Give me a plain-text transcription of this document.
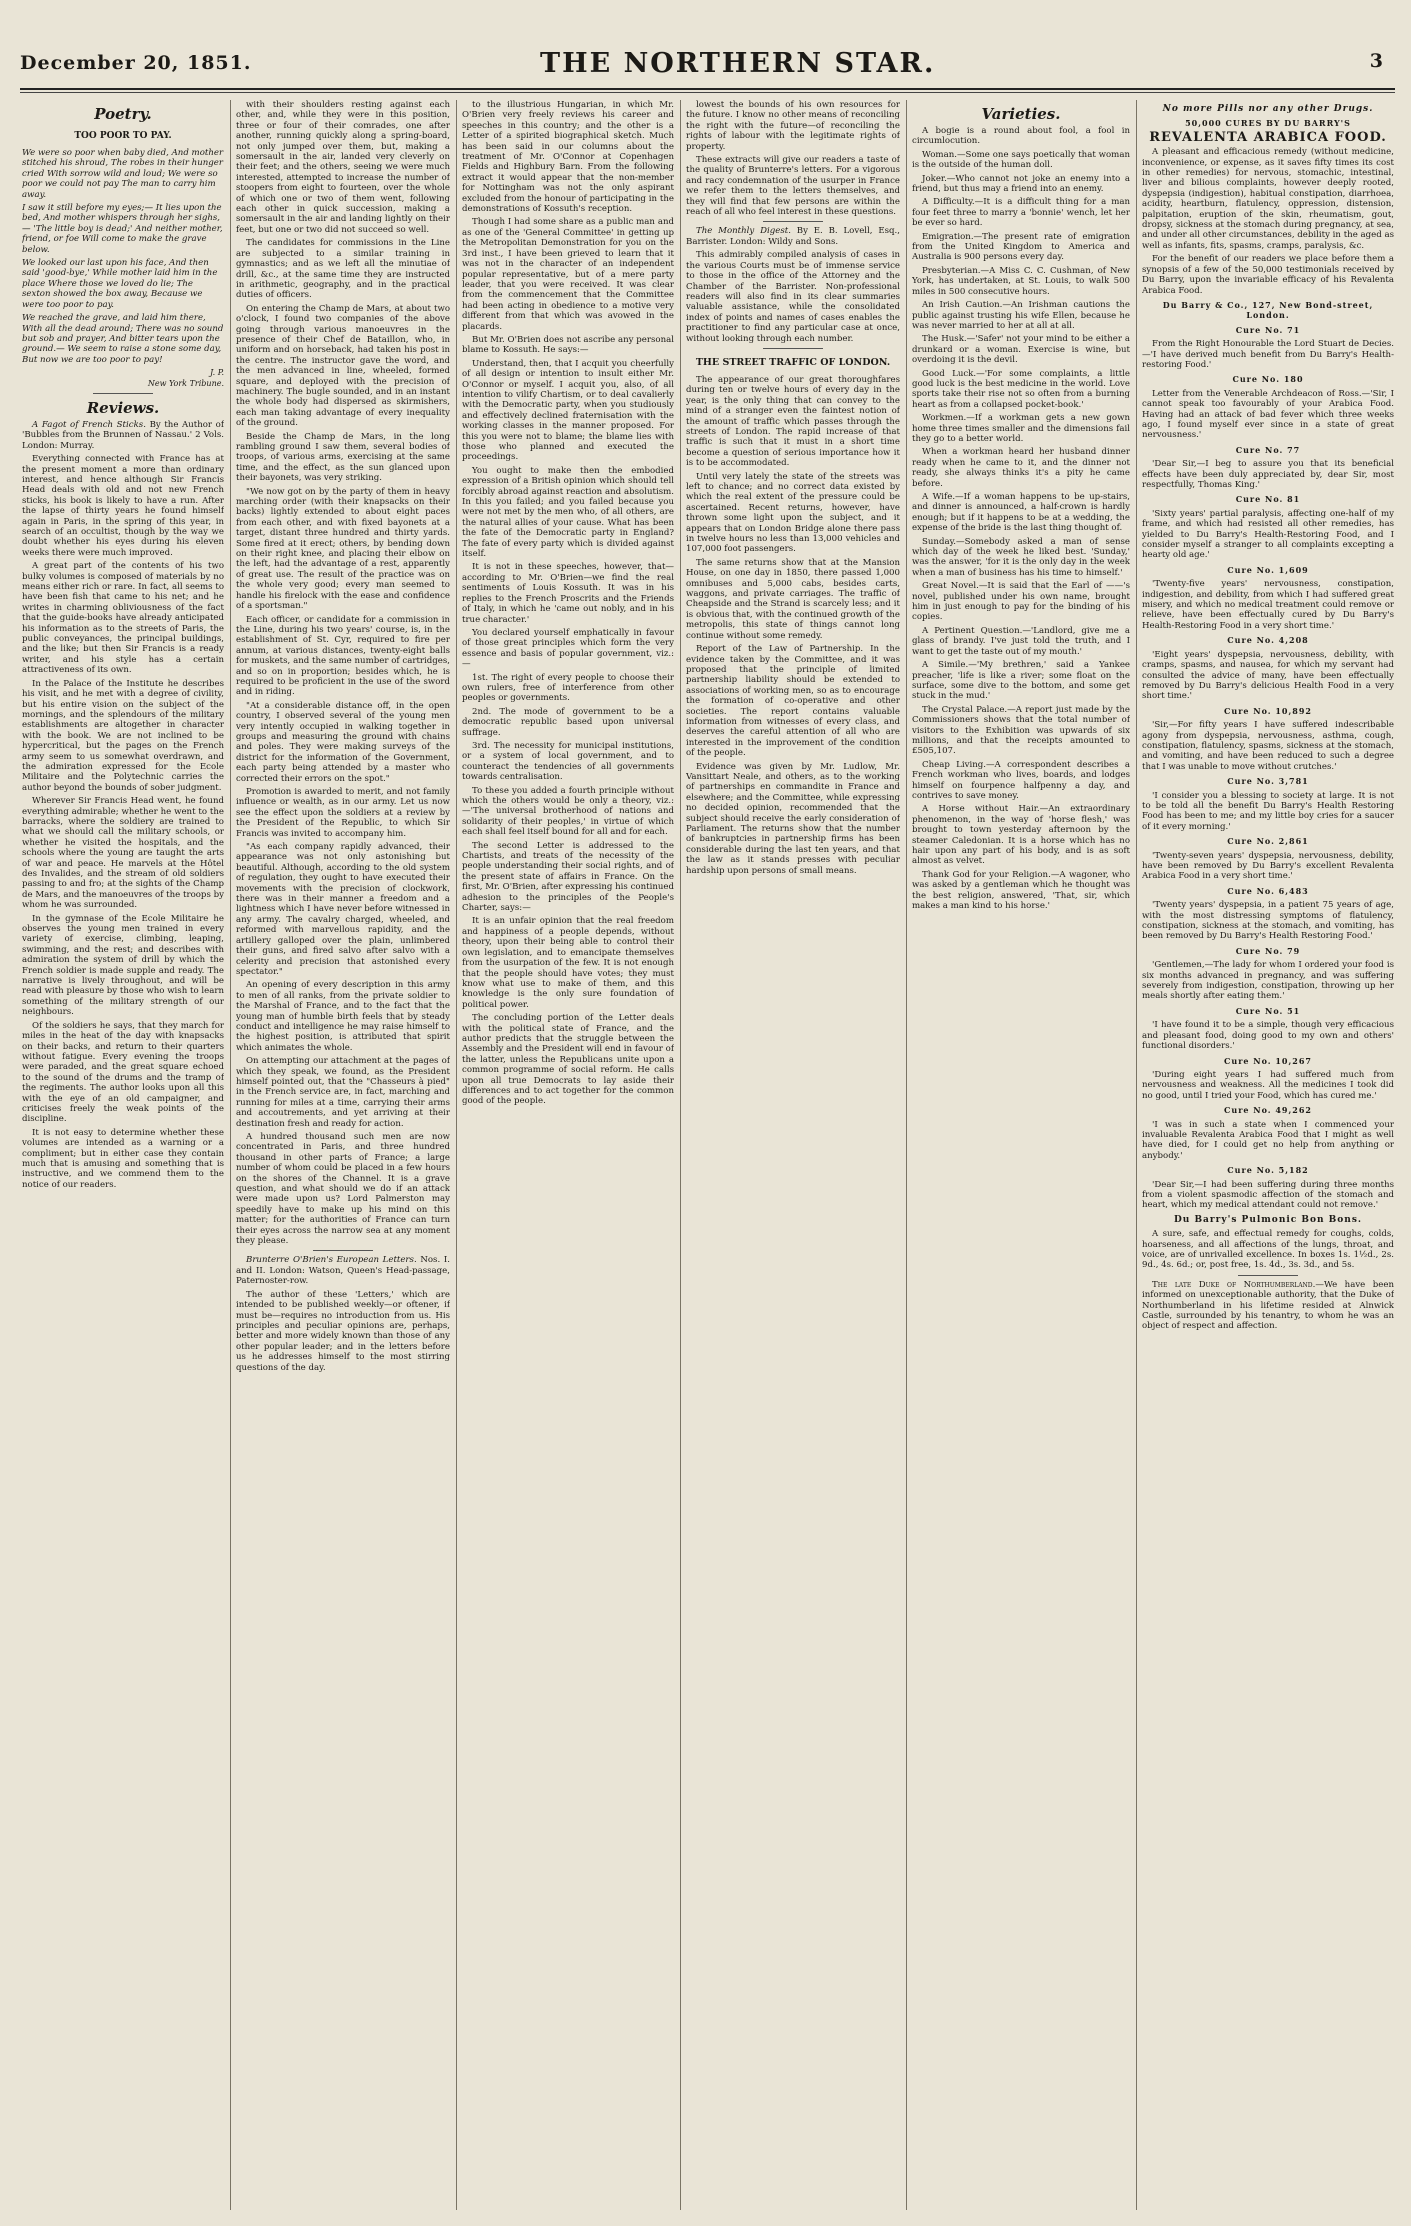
December 20, 1851.	THE NORTHERN STAR.	3
Poetry.
TOO POOR TO PAY.

We were so poor when baby died, And mother stitched his shroud, The robes in their hunger cried With sorrow wild and loud; We were so poor we could not pay The man to carry him away.

I saw it still before my eyes;— It lies upon the bed, And mother whispers through her sighs,— 'The little boy is dead;' And neither mother, friend, or foe Will come to make the grave below.

We looked our last upon his face, And then said 'good-bye,' While mother laid him in the place Where those we loved do lie; The sexton showed the box away, Because we were too poor to pay.

We reached the grave, and laid him there, With all the dead around; There was no sound but sob and prayer, And bitter tears upon the ground.— We seem to raise a stone some day, But now we are too poor to pay!

J. P.
New York Tribune.
Reviews.

A Fagot of French Sticks. By the Author of 'Bubbles from the Brunnen of Nassau.' 2 Vols. London: Murray.

Everything connected with France has at the present moment a more than ordinary interest, and hence although Sir Francis Head deals with old and not new French sticks, his book is likely to have a run. After the lapse of thirty years he found himself again in Paris, in the spring of this year, in search of an occultist, though by the way we doubt whether his eyes during his eleven weeks there were much improved.

A great part of the contents of his two bulky volumes is composed of materials by no means either rich or rare. In fact, all seems to have been fish that came to his net; and he writes in charming obliviousness of the fact that the guide-books have already anticipated his information as to the streets of Paris, the public conveyances, the principal buildings, and the like; but then Sir Francis is a ready writer, and his style has a certain attractiveness of its own.

In the Palace of the Institute he describes his visit, and he met with a degree of civility, but his entire vision on the subject of the mornings, and the splendours of the military establishments are altogether in character with the book. We are not inclined to be hypercritical, but the pages on the French army seem to us somewhat overdrawn, and the admiration expressed for the Ecole Militaire and the Polytechnic carries the author beyond the bounds of sober judgment.

Wherever Sir Francis Head went, he found everything admirable; whether he went to the barracks, where the soldiery are trained to what we should call the military schools, or whether he visited the hospitals, and the schools where the young are taught the arts of war and peace. He marvels at the Hôtel des Invalides, and the stream of old soldiers passing to and fro; at the sights of the Champ de Mars, and the manoeuvres of the troops by whom he was surrounded.

In the gymnase of the Ecole Militaire he observes the young men trained in every variety of exercise, climbing, leaping, swimming, and the rest; and describes with admiration the system of drill by which the French soldier is made supple and ready. The narrative is lively throughout, and will be read with pleasure by those who wish to learn something of the military strength of our neighbours.

Of the soldiers he says, that they march for miles in the heat of the day with knapsacks on their backs, and return to their quarters without fatigue. Every evening the troops were paraded, and the great square echoed to the sound of the drums and the tramp of the regiments. The author looks upon all this with the eye of an old campaigner, and criticises freely the weak points of the discipline.

It is not easy to determine whether these volumes are intended as a warning or a compliment; but in either case they contain much that is amusing and something that is instructive, and we commend them to the notice of our readers.

with their shoulders resting against each other, and, while they were in this position, three or four of their comrades, one after another, running quickly along a spring-board, not only jumped over them, but, making a somersault in the air, landed very cleverly on their feet; and the others, seeing we were much interested, attempted to increase the number of stoopers from eight to fourteen, over the whole of which one or two of them went, following each other in quick succession, making a somersault in the air and landing lightly on their feet, but one or two did not succeed so well.

The candidates for commissions in the Line are subjected to a similar training in gymnastics; and as we left all the minutiae of drill, &c., at the same time they are instructed in arithmetic, geography, and in the practical duties of officers.

On entering the Champ de Mars, at about two o'clock, I found two companies of the above going through various manoeuvres in the presence of their Chef de Bataillon, who, in uniform and on horseback, had taken his post in the centre. The instructor gave the word, and the men advanced in line, wheeled, formed square, and deployed with the precision of machinery. The bugle sounded, and in an instant the whole body had dispersed as skirmishers, each man taking advantage of every inequality of the ground.

Beside the Champ de Mars, in the long rambling ground I saw them, several bodies of troops, of various arms, exercising at the same time, and the effect, as the sun glanced upon their bayonets, was very striking.

"We now got on by the party of them in heavy marching order (with their knapsacks on their backs) lightly extended to about eight paces from each other, and with fixed bayonets at a target, distant three hundred and thirty yards. Some fired at it erect; others, by bending down on their right knee, and placing their elbow on the left, had the advantage of a rest, apparently of great use. The result of the practice was on the whole very good; every man seemed to handle his firelock with the ease and confidence of a sportsman."

Each officer, or candidate for a commission in the Line, during his two years' course, is, in the establishment of St. Cyr, required to fire per annum, at various distances, twenty-eight balls for muskets, and the same number of cartridges, and so on in proportion; besides which, he is required to be proficient in the use of the sword and in riding.

"At a considerable distance off, in the open country, I observed several of the young men very intently occupied in walking together in groups and measuring the ground with chains and poles. They were making surveys of the district for the information of the Government, each party being attended by a master who corrected their errors on the spot."

Promotion is awarded to merit, and not family influence or wealth, as in our army. Let us now see the effect upon the soldiers at a review by the President of the Republic, to which Sir Francis was invited to accompany him.

"As each company rapidly advanced, their appearance was not only astonishing but beautiful. Although, according to the old system of regulation, they ought to have executed their movements with the precision of clockwork, there was in their manner a freedom and a lightness which I have never before witnessed in any army. The cavalry charged, wheeled, and reformed with marvellous rapidity, and the artillery galloped over the plain, unlimbered their guns, and fired salvo after salvo with a celerity and precision that astonished every spectator."

An opening of every description in this army to men of all ranks, from the private soldier to the Marshal of France, and to the fact that the young man of humble birth feels that by steady conduct and intelligence he may raise himself to the highest position, is attributed that spirit which animates the whole.

On attempting our attachment at the pages of which they speak, we found, as the President himself pointed out, that the "Chasseurs à pied" in the French service are, in fact, marching and running for miles at a time, carrying their arms and accoutrements, and yet arriving at their destination fresh and ready for action.

A hundred thousand such men are now concentrated in Paris, and three hundred thousand in other parts of France; a large number of whom could be placed in a few hours on the shores of the Channel. It is a grave question, and what should we do if an attack were made upon us? Lord Palmerston may speedily have to make up his mind on this matter; for the authorities of France can turn their eyes across the narrow sea at any moment they please.

Brunterre O'Brien's European Letters. Nos. I. and II. London: Watson, Queen's Head-passage, Paternoster-row.

The author of these 'Letters,' which are intended to be published weekly—or oftener, if must be—requires no introduction from us. His principles and peculiar opinions are, perhaps, better and more widely known than those of any other popular leader; and in the letters before us he addresses himself to the most stirring questions of the day.

to the illustrious Hungarian, in which Mr. O'Brien very freely reviews his career and speeches in this country; and the other is a Letter of a spirited biographical sketch. Much has been said in our columns about the treatment of Mr. O'Connor at Copenhagen Fields and Highbury Barn. From the following extract it would appear that the non-member for Nottingham was not the only aspirant excluded from the honour of participating in the demonstrations of Kossuth's reception.

Though I had some share as a public man and as one of the 'General Committee' in getting up the Metropolitan Demonstration for you on the 3rd inst., I have been grieved to learn that it was not in the character of an independent popular representative, but of a mere party leader, that you were received. It was clear from the commencement that the Committee had been acting in obedience to a motive very different from that which was avowed in the placards.

But Mr. O'Brien does not ascribe any personal blame to Kossuth. He says:—

Understand, then, that I acquit you cheerfully of all design or intention to insult either Mr. O'Connor or myself. I acquit you, also, of all intention to vilify Chartism, or to deal cavalierly with the Democratic party, when you studiously and effectively declined fraternisation with the working classes in the manner proposed. For this you were not to blame; the blame lies with those who planned and executed the proceedings.

You ought to make then the embodied expression of a British opinion which should tell forcibly abroad against reaction and absolutism. In this you failed; and you failed because you were not met by the men who, of all others, are the natural allies of your cause. What has been the fate of the Democratic party in England? The fate of every party which is divided against itself.

It is not in these speeches, however, that—according to Mr. O'Brien—we find the real sentiments of Louis Kossuth. It was in his replies to the French Proscrits and the Friends of Italy, in which he 'came out nobly, and in his true character.'

You declared yourself emphatically in favour of those great principles which form the very essence and basis of popular government, viz.:—

1st. The right of every people to choose their own rulers, free of interference from other peoples or governments.

2nd. The mode of government to be a democratic republic based upon universal suffrage.

3rd. The necessity for municipal institutions, or a system of local government, and to counteract the tendencies of all governments towards centralisation.

To these you added a fourth principle without which the others would be only a theory, viz.:—'The universal brotherhood of nations and solidarity of their peoples,' in virtue of which each shall feel itself bound for all and for each.

The second Letter is addressed to the Chartists, and treats of the necessity of the people understanding their social rights, and of the present state of affairs in France. On the first, Mr. O'Brien, after expressing his continued adhesion to the principles of the People's Charter, says:—

It is an unfair opinion that the real freedom and happiness of a people depends, without theory, upon their being able to control their own legislation, and to emancipate themselves from the usurpation of the few. It is not enough that the people should have votes; they must know what use to make of them, and this knowledge is the only sure foundation of political power.

The concluding portion of the Letter deals with the political state of France, and the author predicts that the struggle between the Assembly and the President will end in favour of the latter, unless the Republicans unite upon a common programme of social reform. He calls upon all true Democrats to lay aside their differences and to act together for the common good of the people.

lowest the bounds of his own resources for the future. I know no other means of reconciling the right with the future—of reconciling the rights of labour with the legitimate rights of property.

These extracts will give our readers a taste of the quality of Brunterre's letters. For a vigorous and racy condemnation of the usurper in France we refer them to the letters themselves, and they will find that few persons are within the reach of all who feel interest in these questions.

The Monthly Digest. By E. B. Lovell, Esq., Barrister. London: Wildy and Sons.

This admirably compiled analysis of cases in the various Courts must be of immense service to those in the office of the Attorney and the Chamber of the Barrister. Non-professional readers will also find in its clear summaries valuable assistance, while the consolidated index of points and names of cases enables the practitioner to find any particular case at once, without looking through each number.

THE STREET TRAFFIC OF LONDON.

The appearance of our great thoroughfares during ten or twelve hours of every day in the year, is the only thing that can convey to the mind of a stranger even the faintest notion of the amount of traffic which passes through the streets of London. The rapid increase of that traffic is such that it must in a short time become a question of serious importance how it is to be accommodated.

Until very lately the state of the streets was left to chance; and no correct data existed by which the real extent of the pressure could be ascertained. Recent returns, however, have thrown some light upon the subject, and it appears that on London Bridge alone there pass in twelve hours no less than 13,000 vehicles and 107,000 foot passengers.

The same returns show that at the Mansion House, on one day in 1850, there passed 1,000 omnibuses and 5,000 cabs, besides carts, waggons, and private carriages. The traffic of Cheapside and the Strand is scarcely less; and it is obvious that, with the continued growth of the metropolis, this state of things cannot long continue without some remedy.

Report of the Law of Partnership. In the evidence taken by the Committee, and it was proposed that the principle of limited partnership liability should be extended to associations of working men, so as to encourage the formation of co-operative and other societies. The report contains valuable information from witnesses of every class, and deserves the careful attention of all who are interested in the improvement of the condition of the people.

Evidence was given by Mr. Ludlow, Mr. Vansittart Neale, and others, as to the working of partnerships en commandite in France and elsewhere; and the Committee, while expressing no decided opinion, recommended that the subject should receive the early consideration of Parliament. The returns show that the number of bankruptcies in partnership firms has been considerable during the last ten years, and that the law as it stands presses with peculiar hardship upon persons of small means.

Varieties.

A bogie is a round about fool, a fool in circumlocution.

Woman.—Some one says poetically that woman is the outside of the human doll.

Joker.—Who cannot not joke an enemy into a friend, but thus may a friend into an enemy.

A Difficulty.—It is a difficult thing for a man four feet three to marry a 'bonnie' wench, let her be ever so hard.

Emigration.—The present rate of emigration from the United Kingdom to America and Australia is 900 persons every day.

Presbyterian.—A Miss C. C. Cushman, of New York, has undertaken, at St. Louis, to walk 500 miles in 500 consecutive hours.

An Irish Caution.—An Irishman cautions the public against trusting his wife Ellen, because he was never married to her at all at all.

The Husk.—'Safer' not your mind to be either a drunkard or a woman. Exercise is wine, but overdoing it is the devil.

Good Luck.—'For some complaints, a little good luck is the best medicine in the world. Love sports take their rise not so often from a burning heart as from a collapsed pocket-book.'

Workmen.—If a workman gets a new gown home three times smaller and the dimensions fail they go to a better world.

When a workman heard her husband dinner ready when he came to it, and the dinner not ready, she always thinks it's a pity he came before.

A Wife.—If a woman happens to be up-stairs, and dinner is announced, a half-crown is hardly enough; but if it happens to be at a wedding, the expense of the bride is the last thing thought of.

Sunday.—Somebody asked a man of sense which day of the week he liked best. 'Sunday,' was the answer, 'for it is the only day in the week when a man of business has his time to himself.'

Great Novel.—It is said that the Earl of ——'s novel, published under his own name, brought him in just enough to pay for the binding of his copies.

A Pertinent Question.—'Landlord, give me a glass of brandy. I've just told the truth, and I want to get the taste out of my mouth.'

A Simile.—'My brethren,' said a Yankee preacher, 'life is like a river; some float on the surface, some dive to the bottom, and some get stuck in the mud.'

The Crystal Palace.—A report just made by the Commissioners shows that the total number of visitors to the Exhibition was upwards of six millions, and that the receipts amounted to £505,107.

Cheap Living.—A correspondent describes a French workman who lives, boards, and lodges himself on fourpence halfpenny a day, and contrives to save money.

A Horse without Hair.—An extraordinary phenomenon, in the way of 'horse flesh,' was brought to town yesterday afternoon by the steamer Caledonian. It is a horse which has no hair upon any part of his body, and is as soft almost as velvet.

Thank God for your Religion.—A wagoner, who was asked by a gentleman which he thought was the best religion, answered, 'That, sir, which makes a man kind to his horse.'

No more Pills nor any other Drugs.
50,000 CURES BY DU BARRY'S
REVALENTA ARABICA FOOD.

A pleasant and efficacious remedy (without medicine, inconvenience, or expense, as it saves fifty times its cost in other remedies) for nervous, stomachic, intestinal, liver and bilious complaints, however deeply rooted, dyspepsia (indigestion), habitual constipation, diarrhoea, acidity, heartburn, flatulency, oppression, distension, palpitation, eruption of the skin, rheumatism, gout, dropsy, sickness at the stomach during pregnancy, at sea, and under all other circumstances, debility in the aged as well as infants, fits, spasms, cramps, paralysis, &c.

For the benefit of our readers we place before them a synopsis of a few of the 50,000 testimonials received by Du Barry, upon the invariable efficacy of his Revalenta Arabica Food.

Du Barry & Co., 127, New Bond-street, London.
Cure No. 71

From the Right Honourable the Lord Stuart de Decies.—'I have derived much benefit from Du Barry's Health-restoring Food.'

Cure No. 180

Letter from the Venerable Archdeacon of Ross.—'Sir, I cannot speak too favourably of your Arabica Food. Having had an attack of bad fever which three weeks ago, I found myself ever since in a state of great nervousness.'

Cure No. 77

'Dear Sir,—I beg to assure you that its beneficial effects have been duly appreciated by, dear Sir, most respectfully, Thomas King.'

Cure No. 81

'Sixty years' partial paralysis, affecting one-half of my frame, and which had resisted all other remedies, has yielded to Du Barry's Health-Restoring Food, and I consider myself a stranger to all complaints excepting a hearty old age.'

Cure No. 1,609

'Twenty-five years' nervousness, constipation, indigestion, and debility, from which I had suffered great misery, and which no medical treatment could remove or relieve, have been effectually cured by Du Barry's Health-Restoring Food in a very short time.'

Cure No. 4,208

'Eight years' dyspepsia, nervousness, debility, with cramps, spasms, and nausea, for which my servant had consulted the advice of many, have been effectually removed by Du Barry's delicious Health Food in a very short time.'

Cure No. 10,892

'Sir,—For fifty years I have suffered indescribable agony from dyspepsia, nervousness, asthma, cough, constipation, flatulency, spasms, sickness at the stomach, and vomiting, and have been reduced to such a degree that I was unable to move without crutches.'

Cure No. 3,781

'I consider you a blessing to society at large. It is not to be told all the benefit Du Barry's Health Restoring Food has been to me; and my little boy cries for a saucer of it every morning.'

Cure No. 2,861

'Twenty-seven years' dyspepsia, nervousness, debility, have been removed by Du Barry's excellent Revalenta Arabica Food in a very short time.'

Cure No. 6,483

'Twenty years' dyspepsia, in a patient 75 years of age, with the most distressing symptoms of flatulency, constipation, sickness at the stomach, and vomiting, has been removed by Du Barry's Health Restoring Food.'

Cure No. 79

'Gentlemen,—The lady for whom I ordered your food is six months advanced in pregnancy, and was suffering severely from indigestion, constipation, throwing up her meals shortly after eating them.'

Cure No. 51

'I have found it to be a simple, though very efficacious and pleasant food, doing good to my own and others' functional disorders.'

Cure No. 10,267

'During eight years I had suffered much from nervousness and weakness. All the medicines I took did no good, until I tried your Food, which has cured me.'

Cure No. 49,262

'I was in such a state when I commenced your invaluable Revalenta Arabica Food that I might as well have died, for I could get no help from anything or anybody.'

Cure No. 5,182

'Dear Sir,—I had been suffering during three months from a violent spasmodic affection of the stomach and heart, which my medical attendant could not remove.'

Du Barry's Pulmonic Bon Bons.

A sure, safe, and effectual remedy for coughs, colds, hoarseness, and all affections of the lungs, throat, and voice, are of unrivalled excellence. In boxes 1s. 1½d., 2s. 9d., 4s. 6d.; or, post free, 1s. 4d., 3s. 3d., and 5s.

The late Duke of Northumberland.—We have been informed on unexceptionable authority, that the Duke of Northumberland in his lifetime resided at Alnwick Castle, surrounded by his tenantry, to whom he was an object of respect and affection.
